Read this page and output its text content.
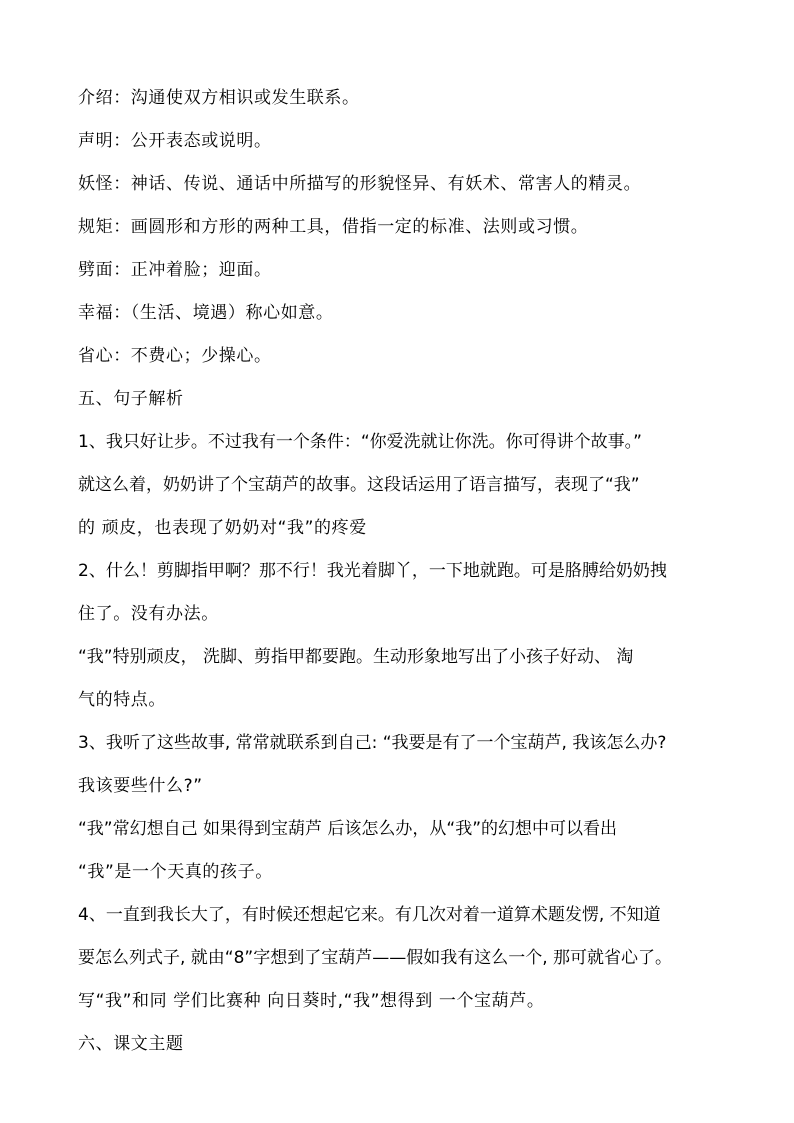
介绍：沟通使双方相识或发生联系。
声明：公开表态或说明。
妖怪：神话、传说、通话中所描写的形貌怪异、有妖术、常害人的精灵。
规矩：画圆形和方形的两种工具，借指一定的标准、法则或习惯。
劈面：正冲着脸；迎面。
幸福：（生活、境遇）称心如意。
省心：不费心；少操心。
五、句子解析
1、我只好让步。不过我有一个条件：“你爱洗就让你洗。你可得讲个故事。”
就这么着，奶奶讲了个宝葫芦的故事。这段话运用了语言描写，表现了“我”
的 顽皮，也表现了奶奶对“我”的疼爱
2、什么！剪脚指甲啊？那不行！我光着脚丫，一下地就跑。可是胳膊给奶奶拽
住了。没有办法。
“我”特别顽皮， 洗脚、剪指甲都要跑。生动形象地写出了小孩子好动、 淘
气的特点。
3、我听了这些故事, 常常就联系到自己: “我要是有了一个宝葫芦, 我该怎么办?
我该要些什么?”
“我”常幻想自己 如果得到宝葫芦 后该怎么办，从“我”的幻想中可以看出
“我”是一个天真的孩子。
4、一直到我长大了，有时候还想起它来。有几次对着一道算术题发愣, 不知道
要怎么列式子, 就由“8”字想到了宝葫芦——假如我有这么一个, 那可就省心了。
写“我”和同 学们比赛种 向日葵时,“我”想得到 一个宝葫芦。
六、课文主题
